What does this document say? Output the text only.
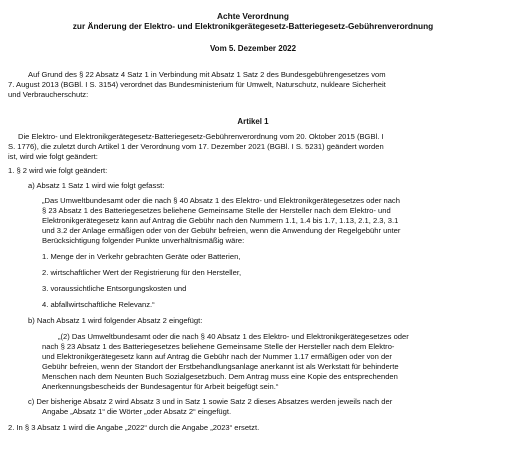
Achte Verordnung
zur Änderung der Elektro- und Elektronikgerätegesetz-Batteriegesetz-Gebührenverordnung
Vom 5. Dezember 2022
Auf Grund des § 22 Absatz 4 Satz 1 in Verbindung mit Absatz 1 Satz 2 des Bundesgebührengesetzes vom
7. August 2013 (BGBl. I S. 3154) verordnet das Bundesministerium für Umwelt, Naturschutz, nukleare Sicherheit
und Verbraucherschutz:
Artikel 1
Die Elektro- und Elektronikgerätegesetz-Batteriegesetz-Gebührenverordnung vom 20. Oktober 2015 (BGBl. I
S. 1776), die zuletzt durch Artikel 1 der Verordnung vom 17. Dezember 2021 (BGBl. I S. 5231) geändert worden
ist, wird wie folgt geändert:
1. § 2 wird wie folgt geändert:
a) Absatz 1 Satz 1 wird wie folgt gefasst:
„Das Umweltbundesamt oder die nach § 40 Absatz 1 des Elektro- und Elektronikgerätegesetzes oder nach
§ 23 Absatz 1 des Batteriegesetzes beliehene Gemeinsame Stelle der Hersteller nach dem Elektro- und
Elektronikgerätegesetz kann auf Antrag die Gebühr nach den Nummern 1.1, 1.4 bis 1.7, 1.13, 2.1, 2.3, 3.1
und 3.2 der Anlage ermäßigen oder von der Gebühr befreien, wenn die Anwendung der Regelgebühr unter
Berücksichtigung folgender Punkte unverhältnismäßig wäre:
1. Menge der in Verkehr gebrachten Geräte oder Batterien,
2. wirtschaftlicher Wert der Registrierung für den Hersteller,
3. voraussichtliche Entsorgungskosten und
4. abfallwirtschaftliche Relevanz.“
b) Nach Absatz 1 wird folgender Absatz 2 eingefügt:
„(2) Das Umweltbundesamt oder die nach § 40 Absatz 1 des Elektro- und Elektronikgerätegesetzes oder
nach § 23 Absatz 1 des Batteriegesetzes beliehene Gemeinsame Stelle der Hersteller nach dem Elektro-
und Elektronikgerätegesetz kann auf Antrag die Gebühr nach der Nummer 1.17 ermäßigen oder von der
Gebühr befreien, wenn der Standort der Erstbehandlungsanlage anerkannt ist als Werkstatt für behinderte
Menschen nach dem Neunten Buch Sozialgesetzbuch. Dem Antrag muss eine Kopie des entsprechenden
Anerkennungsbescheids der Bundesagentur für Arbeit beigefügt sein.“
c) Der bisherige Absatz 2 wird Absatz 3 und in Satz 1 sowie Satz 2 dieses Absatzes werden jeweils nach der
Angabe „Absatz 1“ die Wörter „oder Absatz 2“ eingefügt.
2. In § 3 Absatz 1 wird die Angabe „2022“ durch die Angabe „2023“ ersetzt.
